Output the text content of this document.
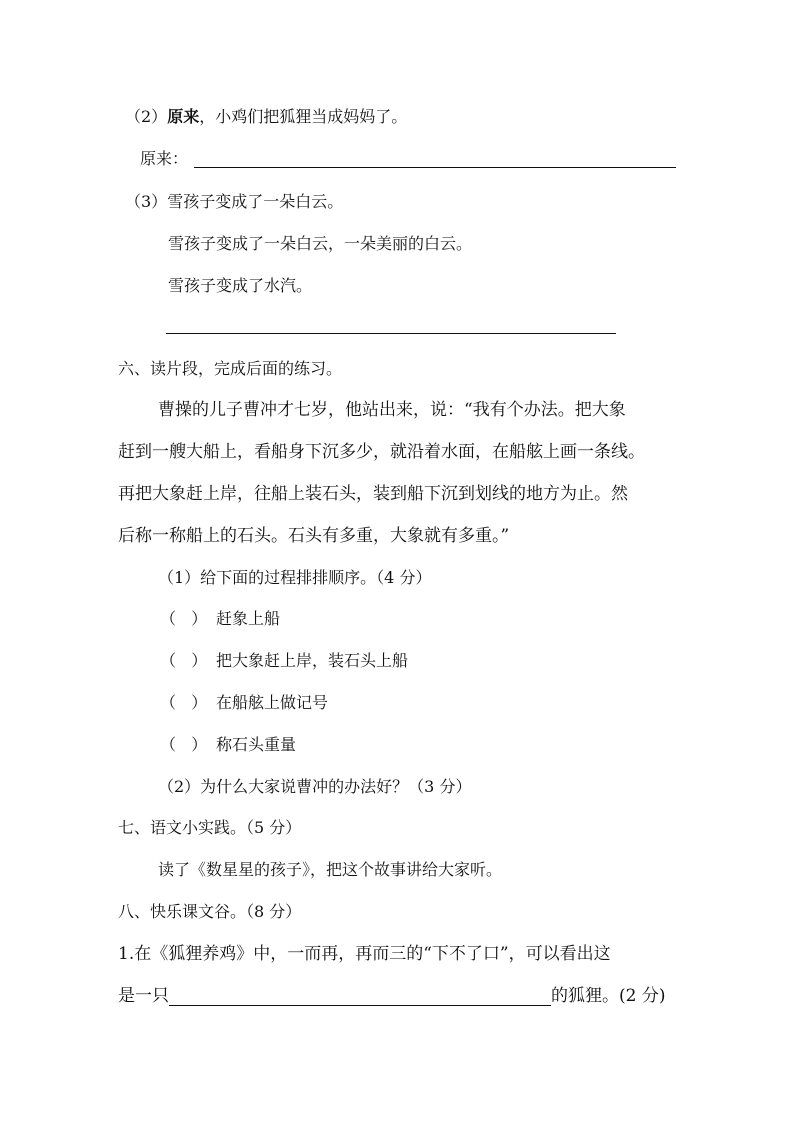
（2）原来，小鸡们把狐狸当成妈妈了。
原来：
（3）雪孩子变成了一朵白云。
雪孩子变成了一朵白云，一朵美丽的白云。
雪孩子变成了水汽。
六、读片段，完成后面的练习。
曹操的儿子曹冲才七岁，他站出来，说：“我有个办法。把大象
赶到一艘大船上，看船身下沉多少，就沿着水面，在船舷上画一条线。
再把大象赶上岸，往船上装石头，装到船下沉到划线的地方为止。然
后称一称船上的石头。石头有多重，大象就有多重。”
（1）给下面的过程排排顺序。（4 分）
（ ） 赶象上船
（ ） 把大象赶上岸，装石头上船
（ ） 在船舷上做记号
（ ） 称石头重量
（2）为什么大家说曹冲的办法好？（3 分）
七、语文小实践。（5 分）
读了《数星星的孩子》，把这个故事讲给大家听。
八、快乐课文谷。（8 分）
1.在《狐狸养鸡》中，一而再，再而三的“下不了口”，可以看出这
是一只	的狐狸。(2 分)
